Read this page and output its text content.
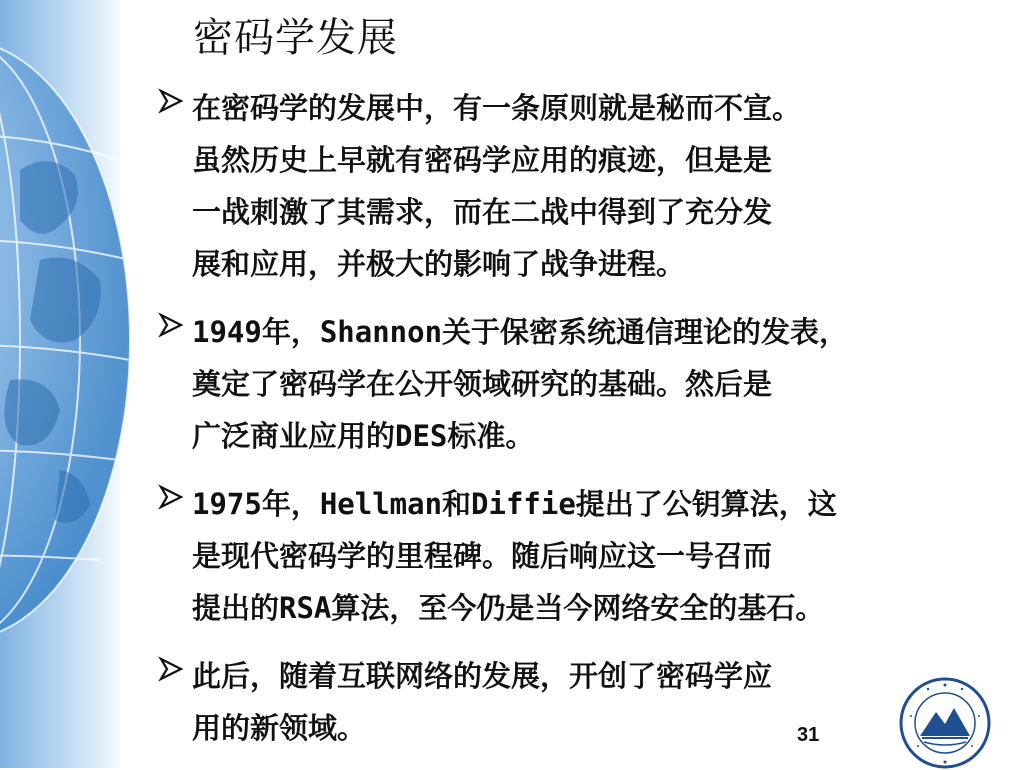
密码学发展
在密码学的发展中，有一条原则就是秘而不宣。
虽然历史上早就有密码学应用的痕迹，但是是
一战刺激了其需求，而在二战中得到了充分发
展和应用，并极大的影响了战争进程。
1949年，Shannon关于保密系统通信理论的发表，
奠定了密码学在公开领域研究的基础。然后是
广泛商业应用的DES标准。
1975年，Hellman和Diffie提出了公钥算法，这
是现代密码学的里程碑。随后响应这一号召而
提出的RSA算法，至今仍是当今网络安全的基石。
此后，随着互联网络的发展，开创了密码学应
用的新领域。	31
